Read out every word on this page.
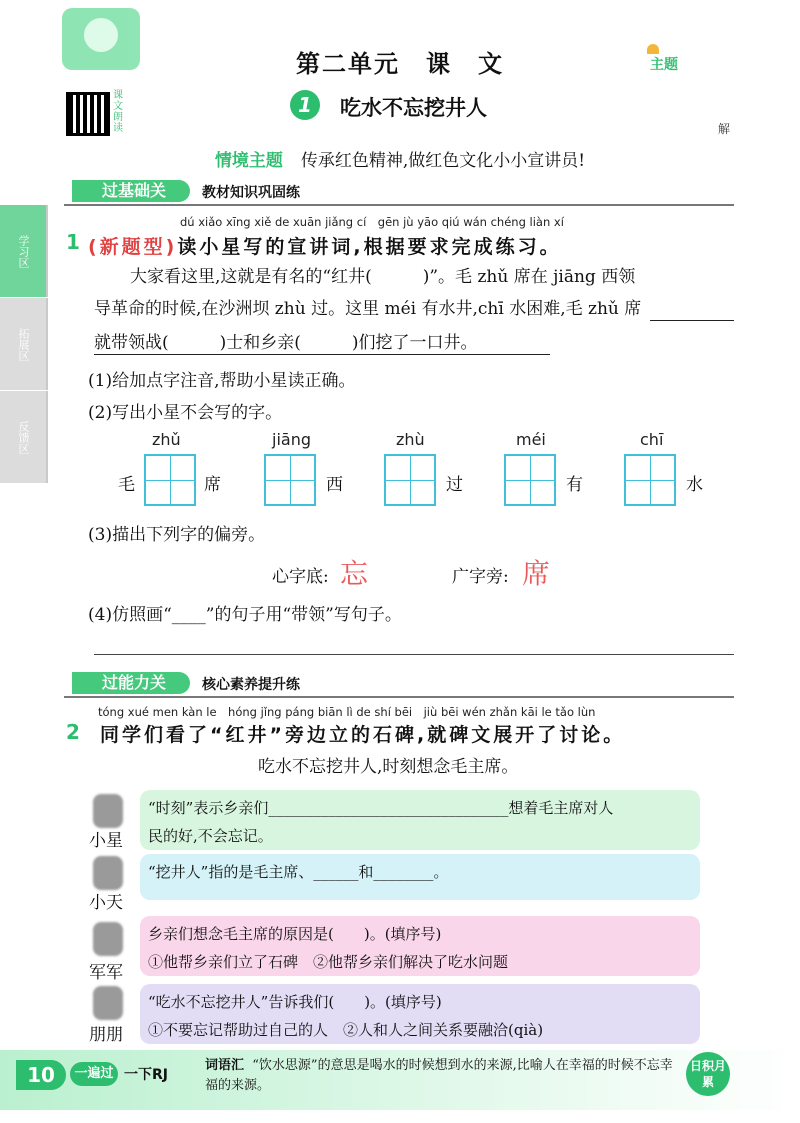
第二单元　课　文	主题
课文朗读	解
1	吃水不忘挖井人
情境主题 传承红色精神,做红色文化小小宣讲员!
学习区
拓展区
反馈区
过基础关	教材知识巩固练
dú xiǎo xīng xiě de xuān jiǎng cí　gēn jù yāo qiú wán chéng liàn xí
1 (新题型)读小星写的宣讲词,根据要求完成练习。
大家看这里,这就是有名的“红井(　　　)”。毛 zhǔ 席在 jiāng 西领
导革命的时候,在沙洲坝 zhù 过。这里 méi 有水井,chī 水困难,毛 zhǔ 席
就带领战(　　　)士和乡亲(　　　)们挖了一口井。
(1)给加点字注音,帮助小星读正确。
(2)写出小星不会写的字。
zhǔ
毛	席
jiāng
西
zhù
过
méi
有
chī
水
(3)描出下列字的偏旁。
心字底: 忘	广字旁: 席
(4)仿照画“____”的句子用“带领”写句子。
过能力关	核心素养提升练
tóng xué men kàn le　hóng jǐng páng biān lì de shí bēi　jiù bēi wén zhǎn kāi le tǎo lùn
2 同学们看了“红井”旁边立的石碑,就碑文展开了讨论。
吃水不忘挖井人,时刻想念毛主席。
小星
“时刻”表示乡亲们________________________________想着毛主席对人
民的好,不会忘记。
小天
“挖井人”指的是毛主席、______和________。
军军
乡亲们想念毛主席的原因是(　　)。(填序号)
①他帮乡亲们立了石碑　②他帮乡亲们解决了吃水问题
朋朋
“吃水不忘挖井人”告诉我们(　　)。(填序号)
①不要忘记帮助过自己的人　②人和人之间关系要融洽(qià)
10	一遍过 一下RJ
词语汇 “饮水思源”的意思是喝水的时候想到水的来源,比喻人在幸福的时候不忘幸福的来源。
日积月累
